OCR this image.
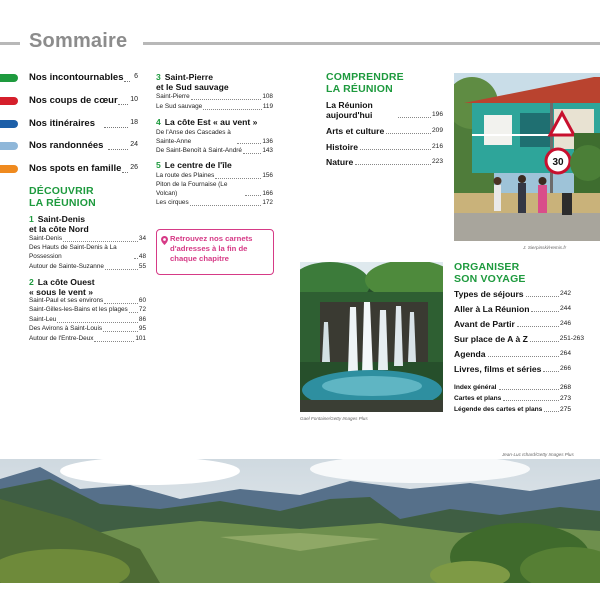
Sommaire
Nos incontournables 6
Nos coups de cœur 10
Nos itinéraires	18
Nos randonnées	24
Nos spots en famille 26
DÉCOUVRIR
LA RÉUNION
1 Saint-Denis
et la côte Nord
Saint-Denis	34
Des Hauts de Saint-Denis à La Possession	48
Autour de Sainte-Suzanne	55
2 La côte Ouest
« sous le vent »
Saint-Paul et ses environs	60
Saint-Gilles-les-Bains et les plages 72
Saint-Leu	86
Des Avirons à Saint-Louis	95
Autour de l'Entre-Deux	101
3 Saint-Pierre
et le Sud sauvage
Saint-Pierre	108
Le Sud sauvage	119
4 La côte Est « au vent »
De l'Anse des Cascades à Sainte-Anne	136
De Saint-Benoît à Saint-André	143
5 Le centre de l'île
La route des Plaines	156
Piton de la Fournaise (Le Volcan)	166
Les cirques	172
Retrouvez nos carnets d'adresses à la fin de chaque chapitre
COMPRENDRE
LA RÉUNION
La Réunion aujourd'hui	196
Arts et culture	209
Histoire	216
Nature	223	30
J. Sierpinski/Hemis.fr
Gael Fontaine/Getty Images Plus
ORGANISER
SON VOYAGE
Types de séjours	242
Aller à La Réunion	244
Avant de Partir	246
Sur place de A à Z	251-263
Agenda	264
Livres, films et séries	266
Index général	268
Cartes et plans	273
Légende des cartes et plans	275
Jean-Luc Ichard/Getty Images Plus
